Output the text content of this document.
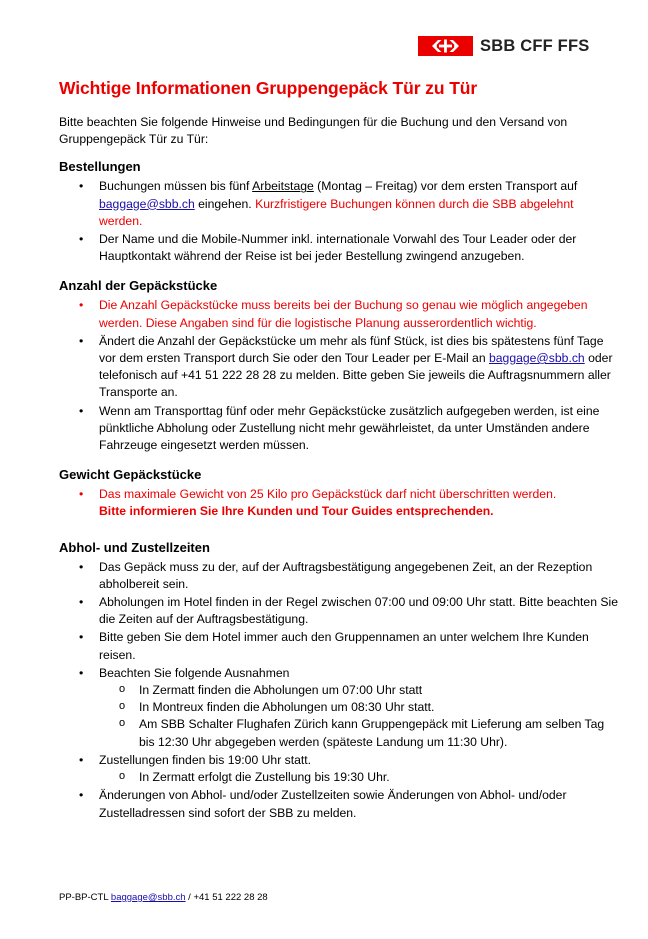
SBB CFF FFS
Wichtige Informationen Gruppengepäck Tür zu Tür

Bitte beachten Sie folgende Hinweise und Bedingungen für die Buchung und den Versand von Gruppengepäck Tür zu Tür:

Bestellungen
• Buchungen müssen bis fünf Arbeitstage (Montag – Freitag) vor dem ersten Transport auf baggage@sbb.ch eingehen. Kurzfristigere Buchungen können durch die SBB abgelehnt werden.
• Der Name und die Mobile-Nummer inkl. internationale Vorwahl des Tour Leader oder der Hauptkontakt während der Reise ist bei jeder Bestellung zwingend anzugeben.
Anzahl der Gepäckstücke
• Die Anzahl Gepäckstücke muss bereits bei der Buchung so genau wie möglich angegeben werden. Diese Angaben sind für die logistische Planung ausserordentlich wichtig.
• Ändert die Anzahl der Gepäckstücke um mehr als fünf Stück, ist dies bis spätestens fünf Tage vor dem ersten Transport durch Sie oder den Tour Leader per E-Mail an baggage@sbb.ch oder telefonisch auf +41 51 222 28 28 zu melden. Bitte geben Sie jeweils die Auftragsnummern aller Transporte an.
• Wenn am Transporttag fünf oder mehr Gepäckstücke zusätzlich aufgegeben werden, ist eine pünktliche Abholung oder Zustellung nicht mehr gewährleistet, da unter Umständen andere Fahrzeuge eingesetzt werden müssen.
Gewicht Gepäckstücke
• Das maximale Gewicht von 25 Kilo pro Gepäckstück darf nicht überschritten werden.
Bitte informieren Sie Ihre Kunden und Tour Guides entsprechenden.
Abhol- und Zustellzeiten
• Das Gepäck muss zu der, auf der Auftragsbestätigung angegebenen Zeit, an der Rezeption abholbereit sein.
• Abholungen im Hotel finden in der Regel zwischen 07:00 und 09:00 Uhr statt. Bitte beachten Sie die Zeiten auf der Auftragsbestätigung.
• Bitte geben Sie dem Hotel immer auch den Gruppennamen an unter welchem Ihre Kunden reisen.
• Beachten Sie folgende Ausnahmen
o In Zermatt finden die Abholungen um 07:00 Uhr statt
o In Montreux finden die Abholungen um 08:30 Uhr statt.
o Am SBB Schalter Flughafen Zürich kann Gruppengepäck mit Lieferung am selben Tag bis 12:30 Uhr abgegeben werden (späteste Landung um 11:30 Uhr).
• Zustellungen finden bis 19:00 Uhr statt.
o In Zermatt erfolgt die Zustellung bis 19:30 Uhr.
• Änderungen von Abhol- und/oder Zustellzeiten sowie Änderungen von Abhol- und/oder Zustelladressen sind sofort der SBB zu melden.
PP-BP-CTL baggage@sbb.ch / +41 51 222 28 28
